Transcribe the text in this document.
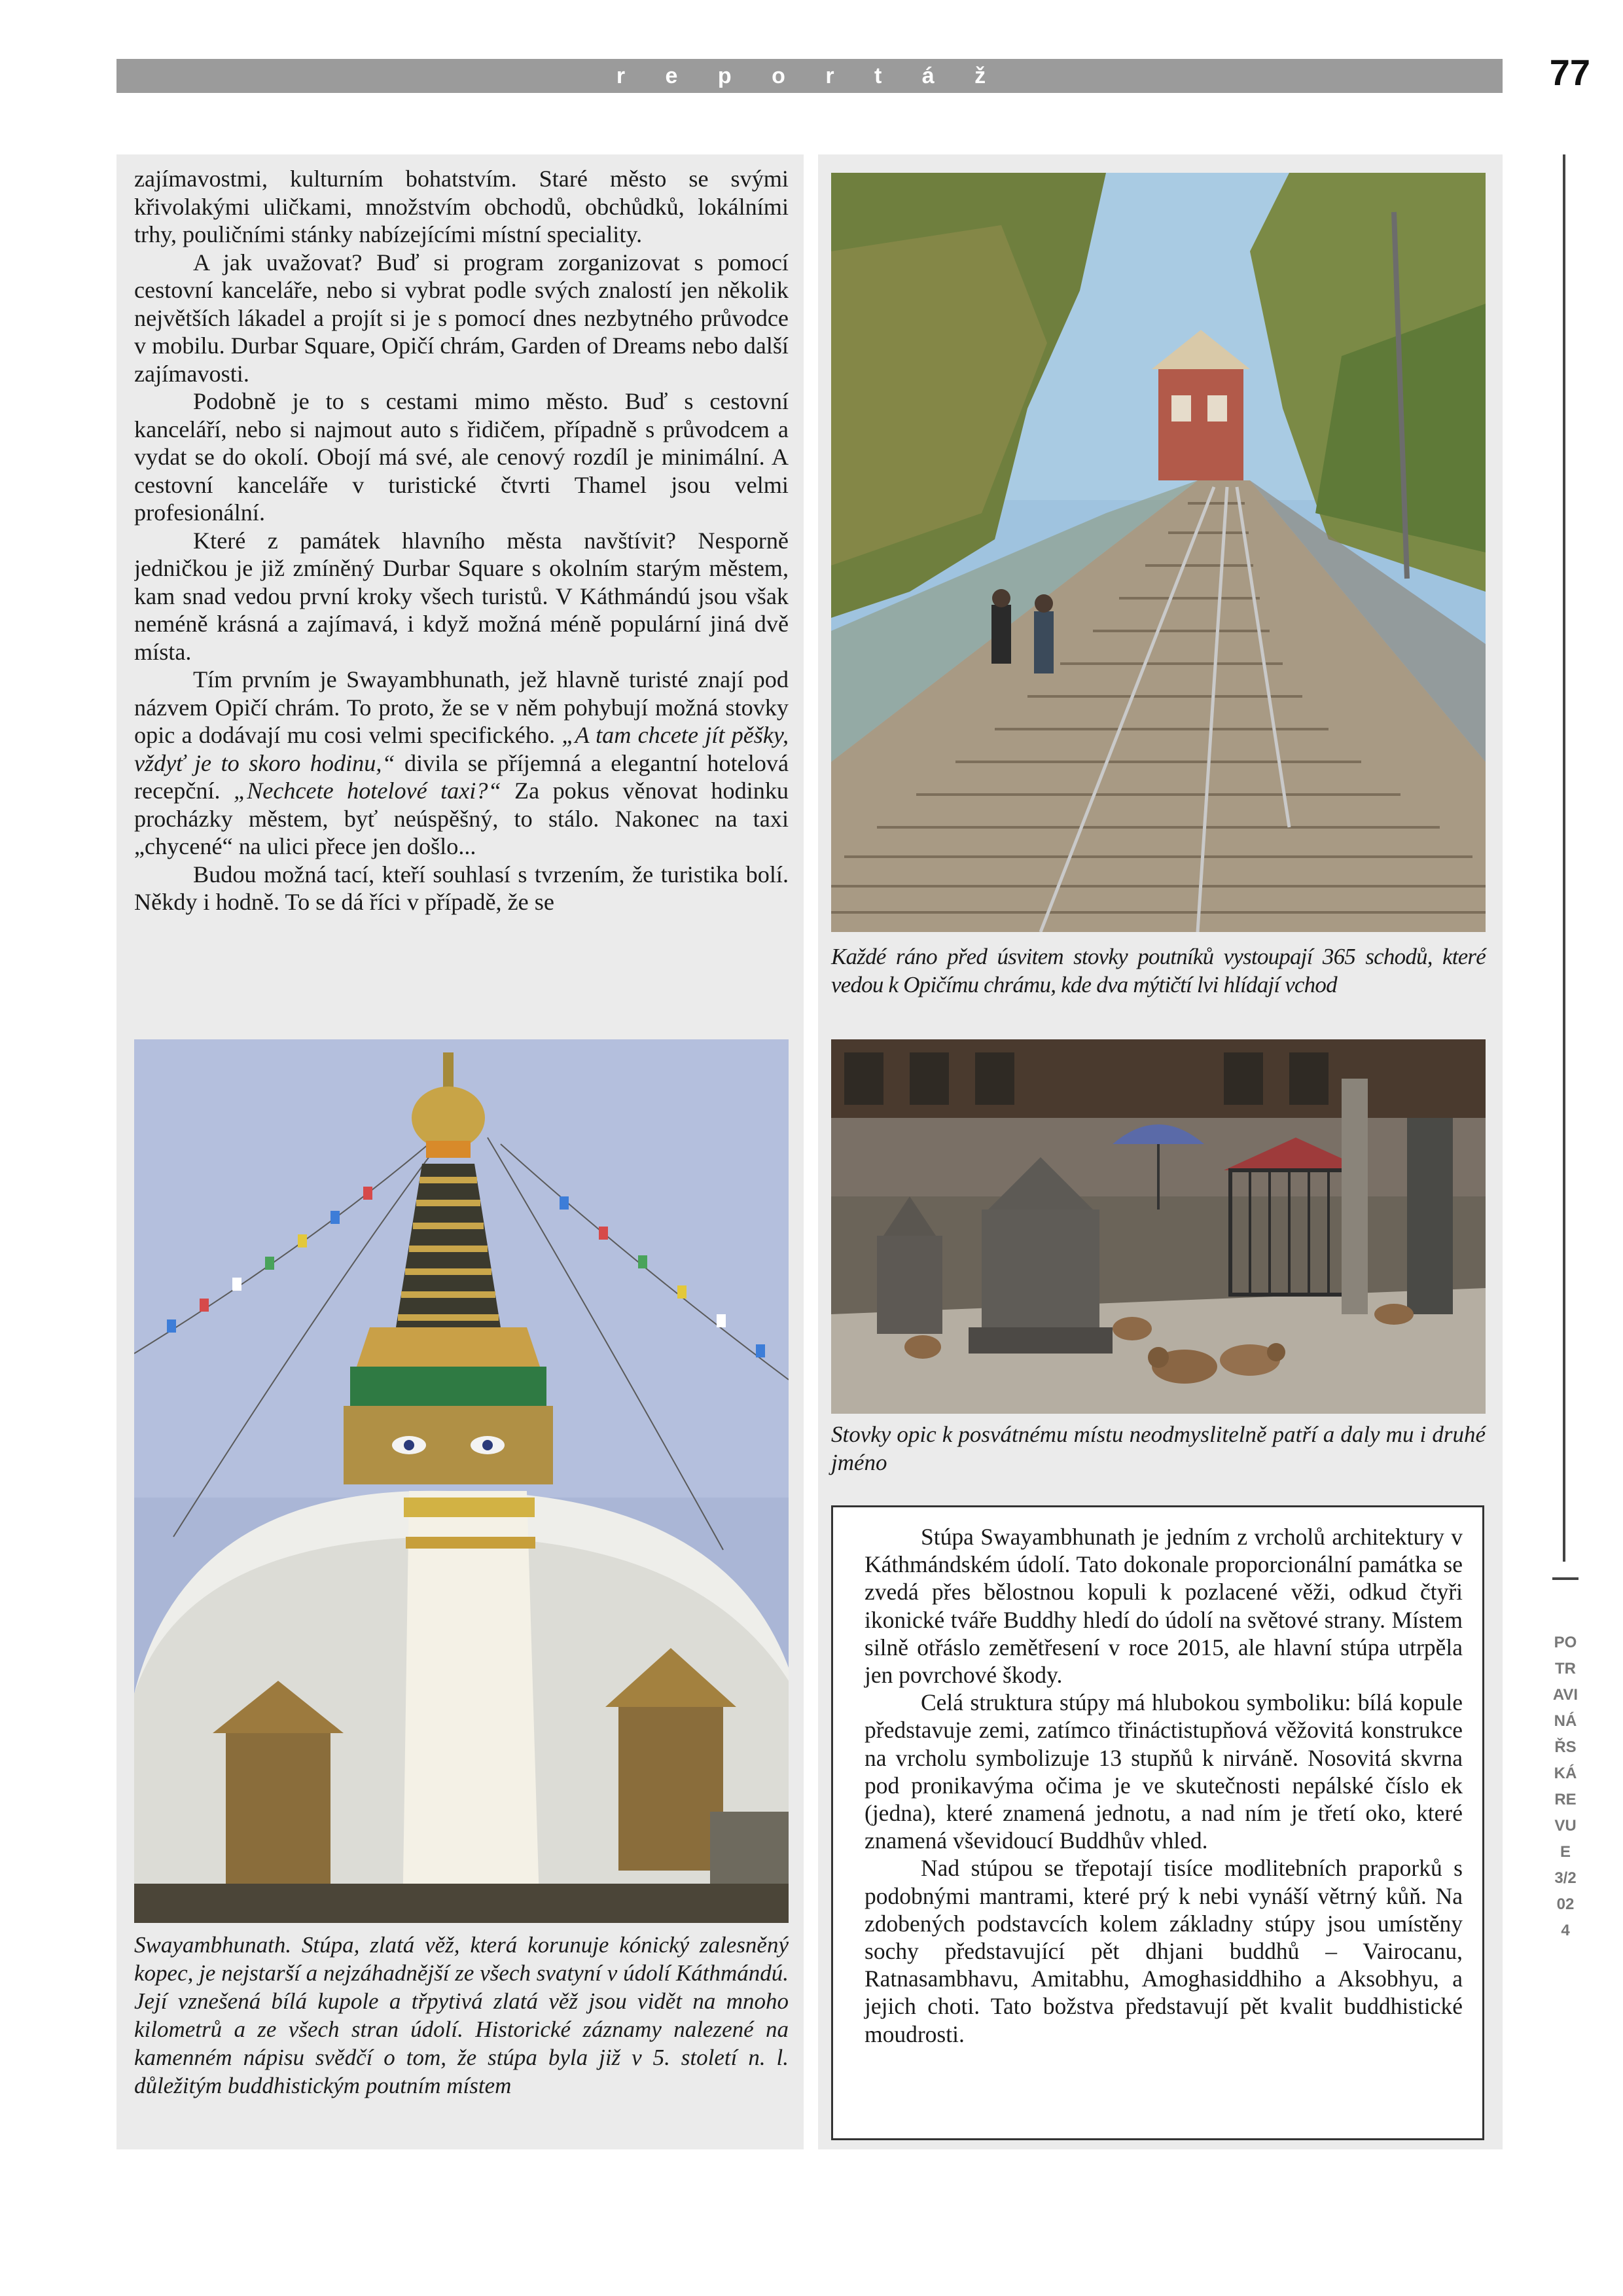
r e p o r t á ž	77

zajímavostmi, kulturním bohatstvím. Staré město se svými křivolakými uličkami, množstvím obchodů, obchůdků, lokálními trhy, pouličními stánky nabízejícími místní speciality.

A jak uvažovat? Buď si program zorganizovat s pomocí cestovní kanceláře, nebo si vybrat podle svých znalostí jen několik největších lákadel a projít si je s pomocí dnes nezbytného průvodce v mobilu. Durbar Square, Opičí chrám, Garden of Dreams nebo další zajímavosti.

Podobně je to s cestami mimo město. Buď s cestovní kanceláří, nebo si najmout auto s řidičem, případně s průvodcem a vydat se do okolí. Obojí má své, ale cenový rozdíl je minimální. A cestovní kanceláře v turistické čtvrti Thamel jsou velmi profesionální.

Které z památek hlavního města navštívit? Nesporně jedničkou je již zmíněný Durbar Square s okolním starým městem, kam snad vedou první kroky všech turistů. V Káthmándú jsou však neméně krásná a zajímavá, i když možná méně populární jiná dvě místa.

Tím prvním je Swayambhunath, jež hlavně turisté znají pod názvem Opičí chrám. To proto, že se v něm pohybují možná stovky opic a dodávají mu cosi velmi specifického. „A tam chcete jít pěšky, vždyť je to skoro hodinu,“ divila se příjemná a elegantní hotelová recepční. „Nechcete hotelové taxi?“ Za pokus věnovat hodinku procházky městem, byť neúspěšný, to stálo. Nakonec na taxi „chycené“ na ulici přece jen došlo...

Budou možná tací, kteří souhlasí s tvrzením, že turistika bolí. Někdy i hodně. To se dá říci v případě, že se

Každé ráno před úsvitem stovky poutníků vystoupají 365 schodů, které vedou k Opičímu chrámu, kde dva mýtičtí lvi hlídají vchod
Swayambhunath. Stúpa, zlatá věž, která korunuje kónický zalesněný kopec, je nejstarší a nejzáhadnější ze všech svatyní v údolí Káthmándú. Její vznešená bílá kupole a třpytivá zlatá věž jsou vidět na mnoho kilometrů a ze všech stran údolí. Historické záznamy nalezené na kamenném nápisu svědčí o tom, že stúpa byla již v 5. století n. l. důležitým buddhistickým poutním místem
Stovky opic k posvátnému místu neodmyslitelně patří a daly mu i druhé jméno

Stúpa Swayambhunath je jedním z vrcholů architektury v Káthmándském údolí. Tato dokonale proporcionální památka se zvedá přes bělostnou kopuli k pozlacené věži, odkud čtyři ikonické tváře Buddhy hledí do údolí na světové strany. Místem silně otřáslo zemětřesení v roce 2015, ale hlavní stúpa utrpěla jen povrchové škody.

Celá struktura stúpy má hlubokou symboliku: bílá kopule představuje zemi, zatímco třináctistupňová věžovitá konstrukce na vrcholu symbolizuje 13 stupňů k nirváně. Nosovitá skvrna pod pronikavýma očima je ve skutečnosti nepálské číslo ek (jedna), které znamená jednotu, a nad ním je třetí oko, které znamená vševidoucí Buddhův vhled.

Nad stúpou se třepotají tisíce modlitebních praporků s podobnými mantrami, které prý k nebi vynáší větrný kůň. Na zdobených podstavcích kolem základny stúpy jsou umístěny sochy představující pět dhjani buddhů – Vairocanu, Ratnasambhavu, Amitabhu, Amoghasiddhiho a Aksobhyu, a jejich choti. Tato božstva představují pět kvalit buddhistické moudrosti.

POTRAVINÁŘSKÁ REVUE 3/2024
